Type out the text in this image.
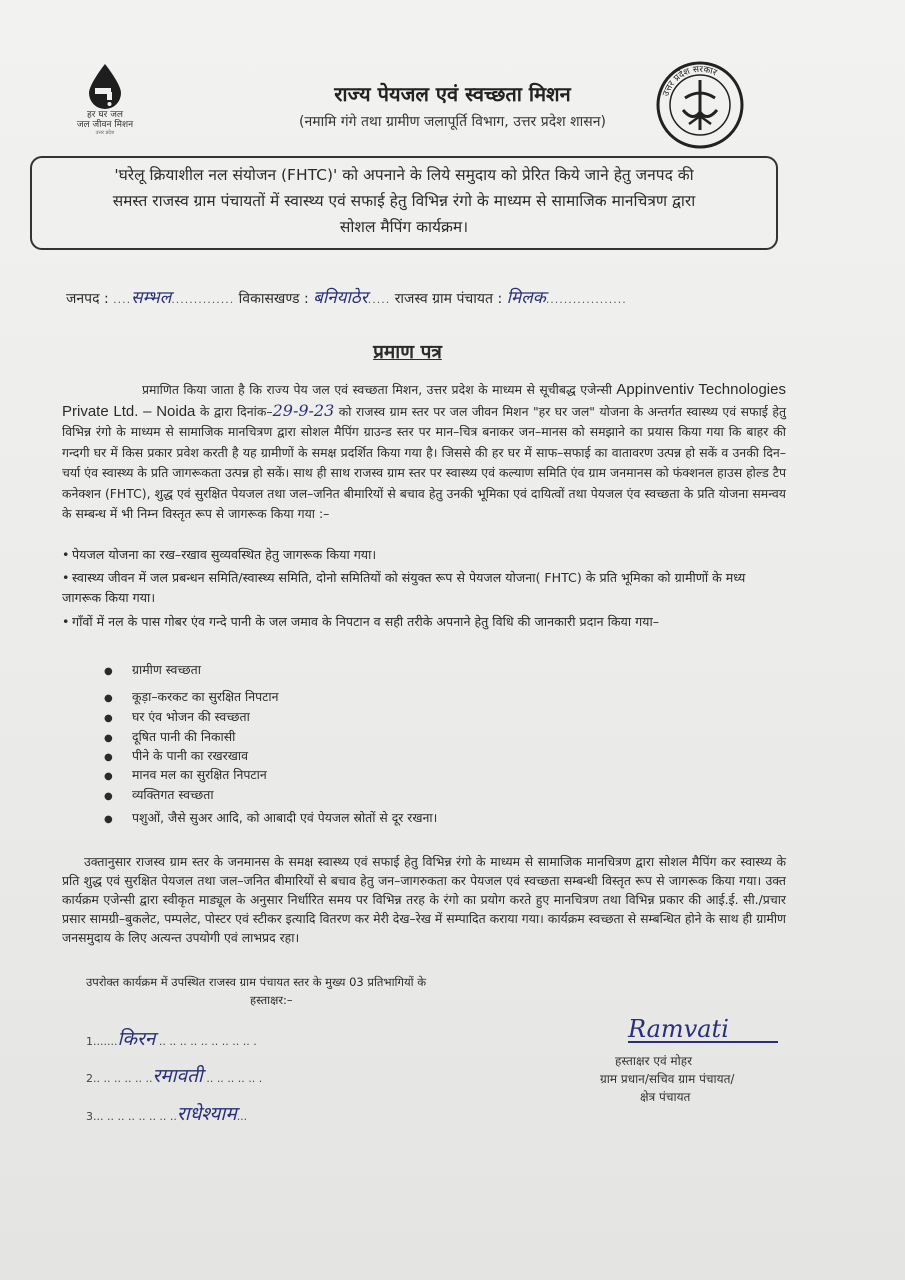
हर घर जल
जल जीवन मिशन
उत्तर प्रदेश
उत्तर प्रदेश सरकार
राज्य पेयजल एवं स्वच्छता मिशन
(नमामि गंगे तथा ग्रामीण जलापूर्ति विभाग, उत्तर प्रदेश शासन)
'घरेलू क्रियाशील नल संयोजन (FHTC)' को अपनाने के लिये समुदाय को प्रेरित किये जाने हेतु जनपद की
समस्त राजस्व ग्राम पंचायतों में स्वास्थ्य एवं सफाई हेतु विभिन्न रंगो के माध्यम से सामाजिक मानचित्रण द्वारा
सोशल मैपिंग कार्यक्रम।
जनपद : ....सम्भल.............. विकासखण्ड : बनियाठेर..... राजस्व ग्राम पंचायत : मिलक..................
प्रमाण पत्र
प्रमाणित किया जाता है कि राज्य पेय जल एवं स्वच्छता मिशन, उत्तर प्रदेश के माध्यम से सूचीबद्ध एजेन्सी Appinventiv Technologies Private Ltd. – Noida के द्वारा दिनांक–29-9-23 को राजस्व ग्राम स्तर पर जल जीवन मिशन "हर घर जल" योजना के अन्तर्गत स्वास्थ्य एवं सफाई हेतु विभिन्न रंगो के माध्यम से सामाजिक मानचित्रण द्वारा सोशल मैपिंग ग्राउन्ड स्तर पर मान–चित्र बनाकर जन–मानस को समझाने का प्रयास किया गया कि बाहर की गन्दगी घर में किस प्रकार प्रवेश करती है यह ग्रामीणों के समक्ष प्रदर्शित किया गया है। जिससे की हर घर में साफ–सफाई का वातावरण उत्पन्न हो सकें व उनकी दिन–चर्या एंव स्वास्थ्य के प्रति जागरूकता उत्पन्न हो सकें। साथ ही साथ राजस्व ग्राम स्तर पर स्वास्थ्य एवं कल्याण समिति एंव ग्राम जनमानस को फंक्शनल हाउस होल्ड टैप कनेक्शन (FHTC), शुद्ध एवं सुरक्षित पेयजल तथा जल–जनित बीमारियों से बचाव हेतु उनकी भूमिका एवं दायित्वों तथा पेयजल एंव स्वच्छता के प्रति योजना समन्वय के सम्बन्ध में भी निम्न विस्तृत रूप से जागरूक किया गया :–
• पेयजल योजना का रख–रखाव सुव्यवस्थित हेतु जागरूक किया गया।
• स्वास्थ्य जीवन में जल प्रबन्धन समिति/स्वास्थ्य समिति, दोनो समितियों को संयुक्त रूप से पेयजल योजना( FHTC) के प्रति भूमिका को ग्रामीणों के मध्य जागरूक किया गया।
• गाँवों में नल के पास गोबर एंव गन्दे पानी के जल जमाव के निपटान व सही तरीके अपनाने हेतु विधि की जानकारी प्रदान किया गया–
● ग्रामीण स्वच्छता
● कूड़ा–करकट का सुरक्षित निपटान
● घर एंव भोजन की स्वच्छता
● दूषित पानी की निकासी
● पीने के पानी का रखरखाव
● मानव मल का सुरक्षित निपटान
● व्यक्तिगत स्वच्छता
● पशुओं, जैसे सुअर आदि, को आबादी एवं पेयजल स्रोतों से दूर रखना।
उक्तानुसार राजस्व ग्राम स्तर के जनमानस के समक्ष स्वास्थ्य एवं सफाई हेतु विभिन्न रंगो के माध्यम से सामाजिक मानचित्रण द्वारा सोशल मैपिंग कर स्वास्थ्य के प्रति शुद्ध एवं सुरक्षित पेयजल तथा जल–जनित बीमारियों से बचाव हेतु जन–जागरुकता कर पेयजल एवं स्वच्छता सम्बन्धी विस्तृत रूप से जागरूक किया गया। उक्त कार्यक्रम एजेन्सी द्वारा स्वीकृत माड्यूल के अनुसार निर्धारित समय पर विभिन्न तरह के रंगो का प्रयोग करते हुए मानचित्रण तथा विभिन्न प्रकार की आई.ई. सी./प्रचार प्रसार सामग्री–बुकलेट, पम्पलेट, पोस्टर एवं स्टीकर इत्यादि वितरण कर मेरी देख–रेख में सम्पादित कराया गया। कार्यक्रम स्वच्छता से सम्बन्धित होने के साथ ही ग्रामीण जनसमुदाय के लिए अत्यन्त उपयोगी एवं लाभप्रद रहा।
उपरोक्त कार्यक्रम में उपस्थित राजस्व ग्राम पंचायत स्तर के मुख्य 03 प्रतिभागियों के
हस्ताक्षर:–
1.......किरन .. .. .. .. .. .. .. .. .. .
2.. .. .. .. .. ..रमावती .. .. .. .. .. .
3... .. .. .. .. .. .. ..राधेश्याम...
Ramvati
हस्ताक्षर एवं मोहर
ग्राम प्रधान/सचिव ग्राम पंचायत/
क्षेत्र पंचायत
